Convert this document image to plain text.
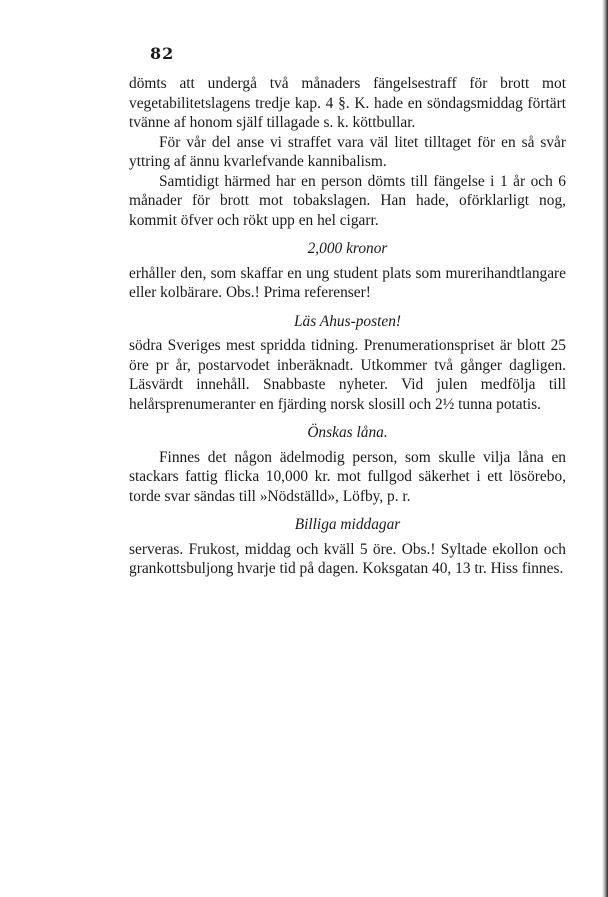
82

dömts att undergå två månaders fängelsestraff för brott mot vegetabilitetslagens tredje kap. 4 §. K. hade en söndagsmiddag förtärt tvänne af honom själf tillagade s. k. köttbullar.

För vår del anse vi straffet vara väl litet tilltaget för en så svår yttring af ännu kvarlefvande kannibalism.

Samtidigt härmed har en person dömts till fängelse i 1 år och 6 månader för brott mot tobakslagen. Han hade, oförklarligt nog, kommit öfver och rökt upp en hel cigarr.

2,000 kronor

erhåller den, som skaffar en ung student plats som murerihandtlangare eller kolbärare. Obs.! Prima referenser!

Läs Ahus-posten!

södra Sveriges mest spridda tidning. Prenumerationspriset är blott 25 öre pr år, postarvodet inberäknadt. Utkommer två gånger dagligen. Läsvärdt innehåll. Snabbaste nyheter. Vid julen medfölja till helårsprenumeranter en fjärding norsk slosill och 2½ tunna potatis.

Önskas låna.

Finnes det någon ädelmodig person, som skulle vilja låna en stackars fattig flicka 10,000 kr. mot fullgod säkerhet i ett lösörebo, torde svar sändas till »Nödställd», Löfby, p. r.

Billiga middagar

serveras. Frukost, middag och kväll 5 öre. Obs.! Syltade ekollon och grankottsbuljong hvarje tid på dagen. Koksgatan 40, 13 tr. Hiss finnes.
